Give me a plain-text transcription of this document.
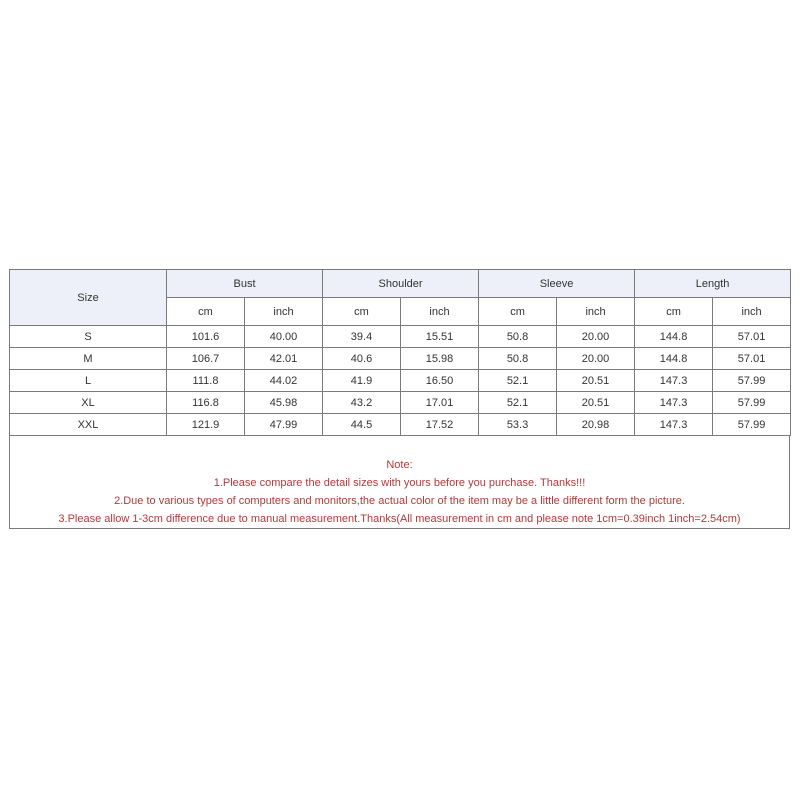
Size	Bust		Shoulder		Sleeve		Length	
	cm	inch	cm	inch	cm	inch	cm	inch
S	101.6	40.00	39.4	15.51	50.8	20.00	144.8	57.01
M	106.7	42.01	40.6	15.98	50.8	20.00	144.8	57.01
L	111.8	44.02	41.9	16.50	52.1	20.51	147.3	57.99
XL	116.8	45.98	43.2	17.01	52.1	20.51	147.3	57.99
XXL	121.9	47.99	44.5	17.52	53.3	20.98	147.3	57.99
Note:
1.Please compare the detail sizes with yours before you purchase. Thanks!!!
2.Due to various types of computers and monitors,the actual color of the item may be a little different form the picture.
3.Please allow 1-3cm difference due to manual measurement.Thanks(All measurement in cm and please note 1cm=0.39inch 1inch=2.54cm)
